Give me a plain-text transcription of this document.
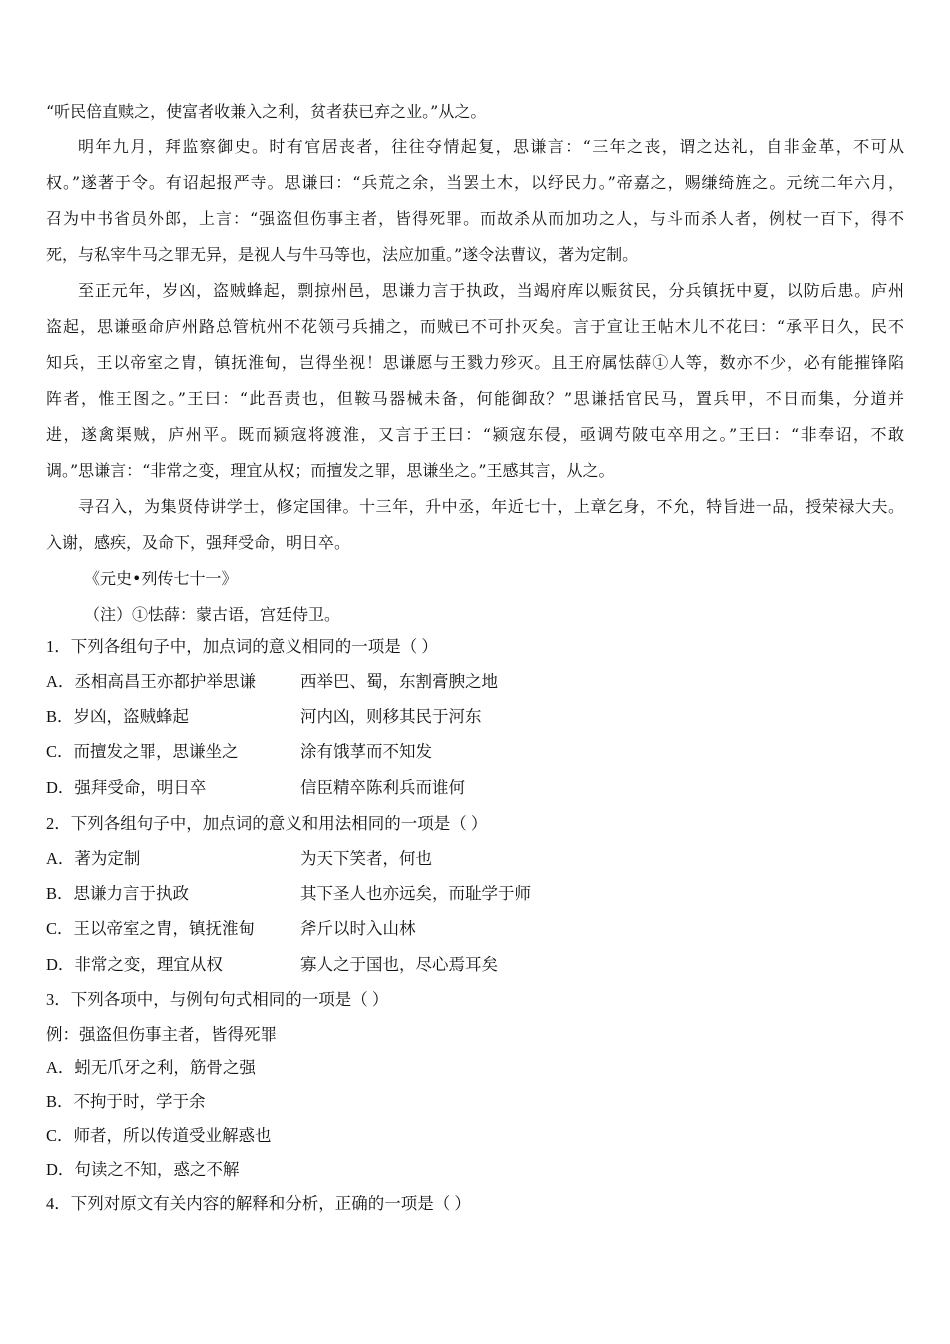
“听民倍直赎之，使富者收兼入之利，贫者获已弃之业。”从之。
明年九月，拜监察御史。时有官居丧者，往往夺情起复，思谦言：“三年之丧，谓之达礼，自非金革，不可从
权。”遂著于令。有诏起报严寺。思谦曰：“兵荒之余，当罢土木，以纾民力。”帝嘉之，赐缣绮旌之。元统二年六月，
召为中书省员外郎，上言：“强盗但伤事主者，皆得死罪。而故杀从而加功之人，与斗而杀人者，例杖一百下，得不
死，与私宰牛马之罪无异，是视人与牛马等也，法应加重。”遂令法曹议，著为定制。
至正元年，岁凶，盗贼蜂起，剽掠州邑，思谦力言于执政，当竭府库以赈贫民，分兵镇抚中夏，以防后患。庐州
盗起，思谦亟命庐州路总管杭州不花领弓兵捕之，而贼已不可扑灭矣。言于宣让王帖木儿不花曰：“承平日久，民不
知兵，王以帝室之胄，镇抚淮甸，岂得坐视！思谦愿与王戮力殄灭。且王府属怯薛①人等，数亦不少，必有能摧锋陷
阵者，惟王图之。”王曰：“此吾责也，但鞍马器械未备，何能御敌？”思谦括官民马，置兵甲，不日而集，分道并
进，遂禽渠贼，庐州平。既而颍寇将渡淮，又言于王曰：“颍寇东侵，亟调芍陂屯卒用之。”王曰：“非奉诏，不敢
调。”思谦言：“非常之变，理宜从权；而擅发之罪，思谦坐之。”王感其言，从之。
寻召入，为集贤侍讲学士，修定国律。十三年，升中丞，年近七十，上章乞身，不允，特旨进一品，授荣禄大夫。
入谢，感疾，及命下，强拜受命，明日卒。
《元史•列传七十一》
（注）①怯薛：蒙古语，宫廷侍卫。
1．下列各组句子中，加点词的意义相同的一项是（ ）
A．丞相高昌王亦都护举思谦	西举巴、蜀，东割膏腴之地
B．岁凶，盗贼蜂起	河内凶，则移其民于河东
C．而擅发之罪，思谦坐之	涂有饿莩而不知发
D．强拜受命，明日卒	信臣精卒陈利兵而谁何
2．下列各组句子中，加点词的意义和用法相同的一项是（ ）
A．著为定制	为天下笑者，何也
B．思谦力言于执政	其下圣人也亦远矣，而耻学于师
C．王以帝室之胄，镇抚淮甸	斧斤以时入山林
D．非常之变，理宜从权	寡人之于国也，尽心焉耳矣
3．下列各项中，与例句句式相同的一项是（ ）
例：强盗但伤事主者，皆得死罪
A．蚓无爪牙之利，筋骨之强
B．不拘于时，学于余
C．师者，所以传道受业解惑也
D．句读之不知，惑之不解
4．下列对原文有关内容的解释和分析，正确的一项是（ ）
